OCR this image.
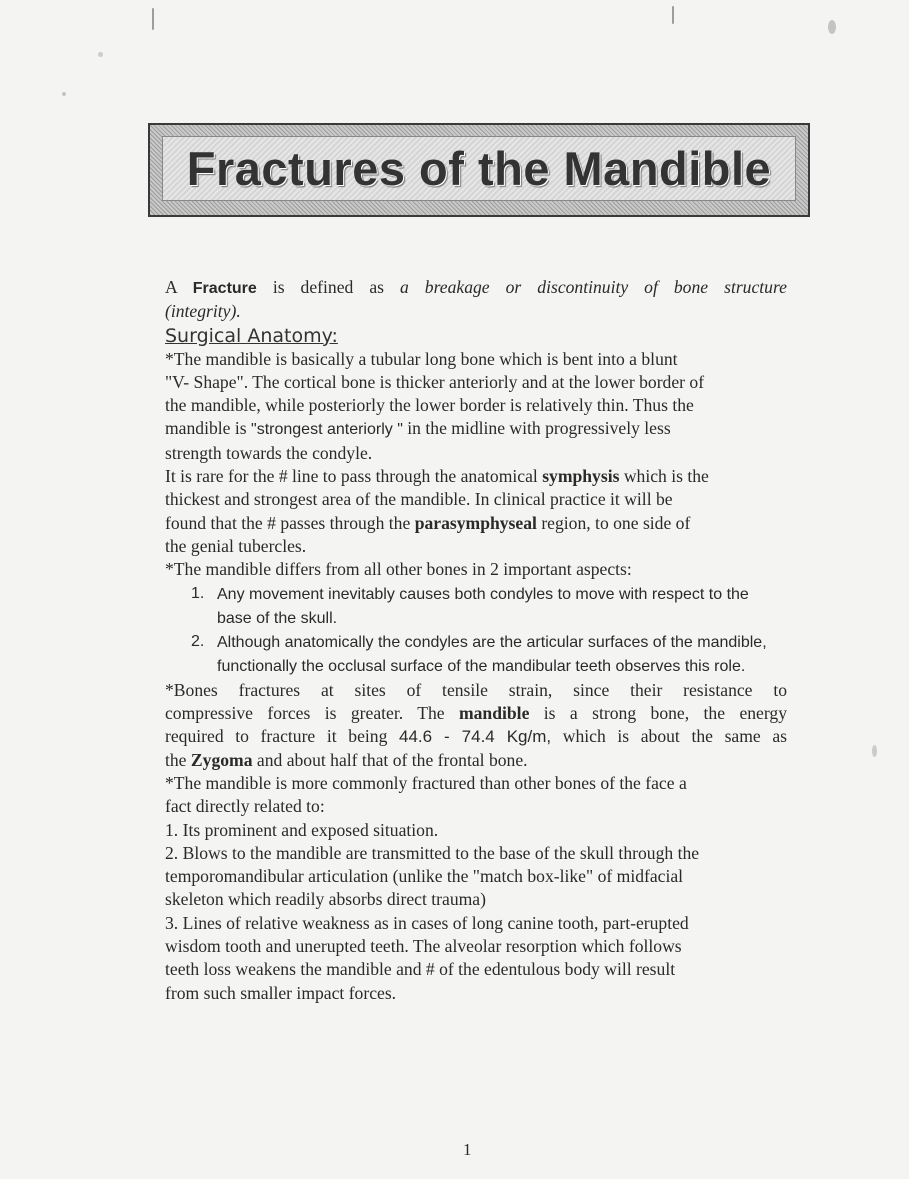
Fractures of the Mandible
A Fracture is defined as a breakage or discontinuity of bone structure
(integrity).
Surgical Anatomy:
*The mandible is basically a tubular long bone which is bent into a blunt
"V- Shape". The cortical bone is thicker anteriorly and at the lower border of
the mandible, while posteriorly the lower border is relatively thin. Thus the
mandible is "strongest anteriorly " in the midline with progressively less
strength towards the condyle.
It is rare for the # line to pass through the anatomical symphysis which is the
thickest and strongest area of the mandible. In clinical practice it will be
found that the # passes through the parasymphyseal region, to one side of
the genial tubercles.
*The mandible differs from all other bones in 2 important aspects:
1. Any movement inevitably causes both condyles to move with respect to the
base of the skull.
2. Although anatomically the condyles are the articular surfaces of the mandible,
functionally the occlusal surface of the mandibular teeth observes this role.
*Bones fractures at sites of tensile strain, since their resistance to
compressive forces is greater. The mandible is a strong bone, the energy
required to fracture it being 44.6 - 74.4 Kg/m, which is about the same as
the Zygoma and about half that of the frontal bone.
*The mandible is more commonly fractured than other bones of the face a
fact directly related to:
1. Its prominent and exposed situation.
2. Blows to the mandible are transmitted to the base of the skull through the
temporomandibular articulation (unlike the "match box-like" of midfacial
skeleton which readily absorbs direct trauma)
3. Lines of relative weakness as in cases of long canine tooth, part-erupted
wisdom tooth and unerupted teeth. The alveolar resorption which follows
teeth loss weakens the mandible and # of the edentulous body will result
from such smaller impact forces.
1
